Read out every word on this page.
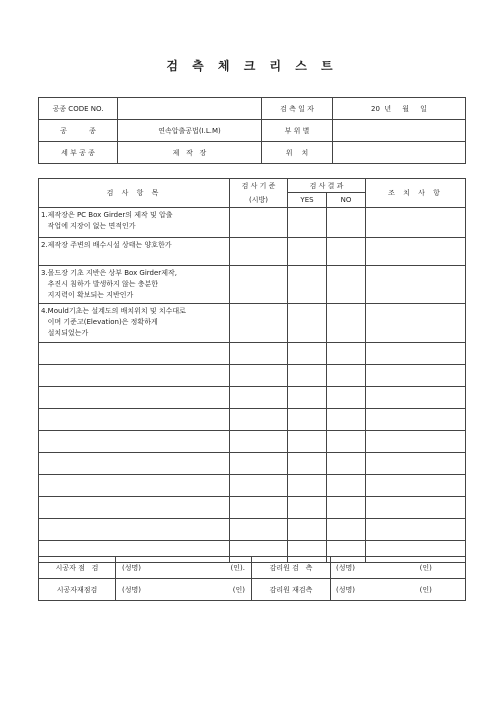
검 측 체 크 리 스 트
공종 CODE NO.		검 측 일 자	20  년     월     일
공          종	연속압출공법(I.L.M)	부 위 별	
세 부 공 종	제   작   장	위    치	
검 사 항 목	검 사 기 준	검 사 결 과		조 치 사 항
	(시방)	YES	NO	

1.제작장은 PC Box Girder의 제작 및 압출
작업에 지장이 없는 면적인가				

2.제작장 주변의 배수시설 상태는 양호한가				

3.몰드장 기초 지반은 상부 Box Girder제작,
추진시 침하가 발생하지 않는 충분한
지지력이 확보되는 지반인가				

4.Mould기초는 설계도의 배치위치 및 치수대로
이며 기준고(Elevation)은 정확하게
설치되었는가				

시공자 점   검	(성명)	(인).	감리원 검   측	(성명)	(인)
시공자재점검	(성명)	(인)	감리원 재검측	(성명)	(인)
